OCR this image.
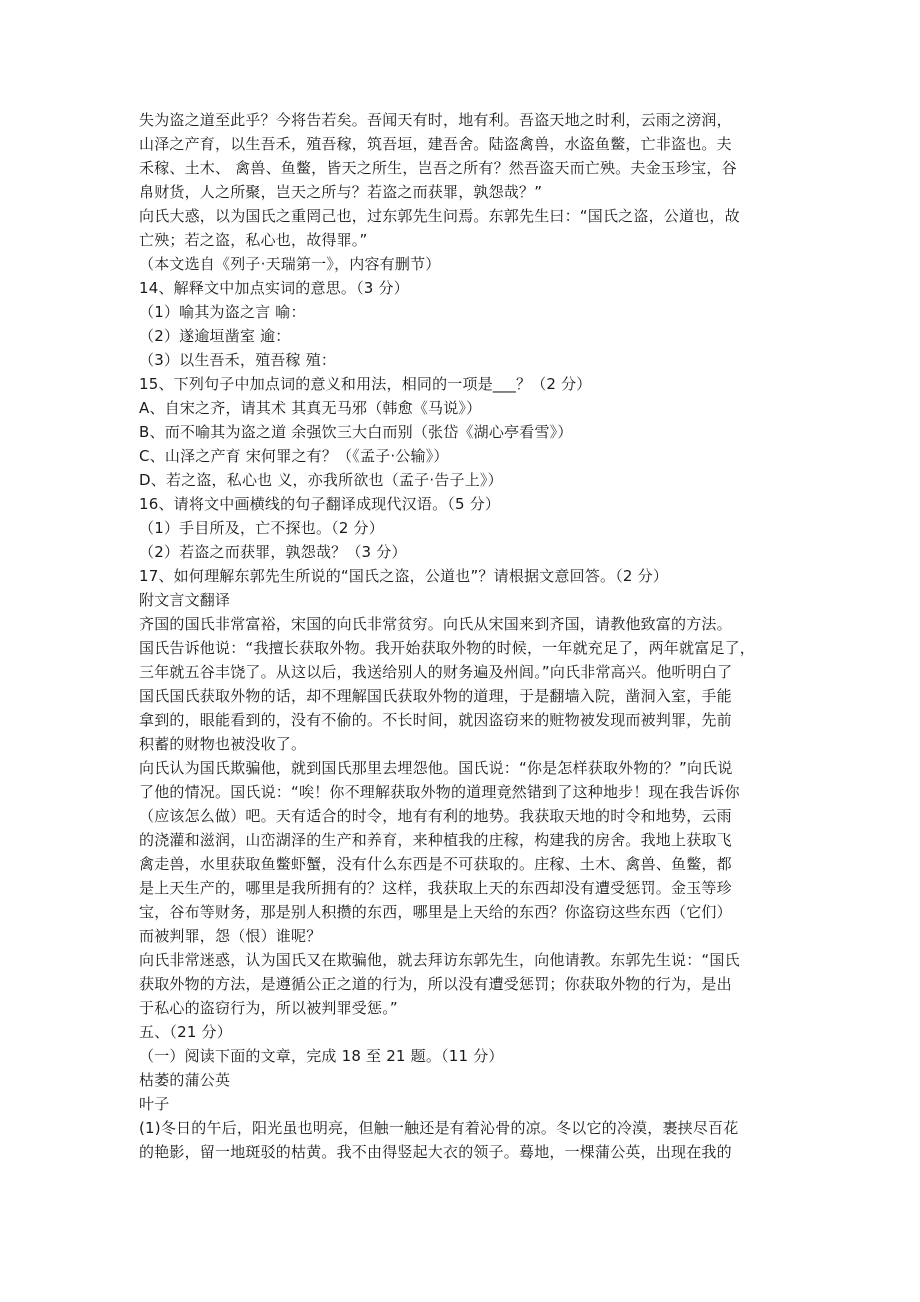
失为盗之道至此乎？今将告若矣。吾闻天有时，地有利。吾盗天地之时利，云雨之滂润，
山泽之产育，以生吾禾，殖吾稼，筑吾垣，建吾舍。陆盗禽兽，水盗鱼鳖，亡非盗也。夫
禾稼、土木、 禽兽、鱼鳖，皆天之所生，岂吾之所有？然吾盗天而亡殃。夫金玉珍宝，谷
帛财货，人之所聚，岂天之所与？若盗之而获罪，孰怨哉？”
向氏大惑，以为国氏之重罔己也，过东郭先生问焉。东郭先生曰：“国氏之盗，公道也，故
亡殃；若之盗，私心也，故得罪。”
（本文选自《列子·天瑞第一》，内容有删节）
14、解释文中加点实词的意思。（3 分）
（1）喻其为盗之言 喻：
（2）遂逾垣凿室 逾：
（3）以生吾禾，殖吾稼 殖：
15、下列句子中加点词的意义和用法，相同的一项是___？（2 分）
A、自宋之齐，请其术 其真无马邪（韩愈《马说》）
B、而不喻其为盗之道 余强饮三大白而别（张岱《湖心亭看雪》）
C、山泽之产育 宋何罪之有？（《孟子·公输》）
D、若之盗，私心也 义，亦我所欲也（孟子·告子上》）
16、请将文中画横线的句子翻译成现代汉语。（5 分）
（1）手目所及，亡不探也。（2 分）
（2）若盗之而获罪，孰怨哉？（3 分）
17、如何理解东郭先生所说的“国氏之盗，公道也”？请根据文意回答。（2 分）
附文言文翻译
齐国的国氏非常富裕，宋国的向氏非常贫穷。向氏从宋国来到齐国，请教他致富的方法。
国氏告诉他说：“我擅长获取外物。我开始获取外物的时候，一年就充足了，两年就富足了，
三年就五谷丰饶了。从这以后，我送给别人的财务遍及州闾。”向氏非常高兴。他听明白了
国氏国氏获取外物的话，却不理解国氏获取外物的道理，于是翻墙入院，凿洞入室，手能
拿到的，眼能看到的，没有不偷的。不长时间，就因盗窃来的赃物被发现而被判罪，先前
积蓄的财物也被没收了。
向氏认为国氏欺骗他，就到国氏那里去埋怨他。国氏说：“你是怎样获取外物的？”向氏说
了他的情况。国氏说：“唉！你不理解获取外物的道理竟然错到了这种地步！现在我告诉你
（应该怎么做）吧。天有适合的时令，地有有利的地势。我获取天地的时令和地势，云雨
的浇灌和滋润，山峦湖泽的生产和养育，来种植我的庄稼，构建我的房舍。我地上获取飞
禽走兽，水里获取鱼鳖虾蟹，没有什么东西是不可获取的。庄稼、土木、禽兽、鱼鳖，都
是上天生产的，哪里是我所拥有的？这样，我获取上天的东西却没有遭受惩罚。金玉等珍
宝，谷布等财务，那是别人积攒的东西，哪里是上天给的东西？你盗窃这些东西（它们）
而被判罪，怨（恨）谁呢？
向氏非常迷惑，认为国氏又在欺骗他，就去拜访东郭先生，向他请教。东郭先生说：“国氏
获取外物的方法，是遵循公正之道的行为，所以没有遭受惩罚；你获取外物的行为，是出
于私心的盗窃行为，所以被判罪受惩。”
五、（21 分）
（一）阅读下面的文章，完成 18 至 21 题。（11 分）
枯萎的蒲公英
叶子
(1)冬日的午后，阳光虽也明亮，但触一触还是有着沁骨的凉。冬以它的冷漠，裹挟尽百花
的艳影，留一地斑驳的枯黄。我不由得竖起大衣的领子。蓦地，一棵蒲公英，出现在我的
